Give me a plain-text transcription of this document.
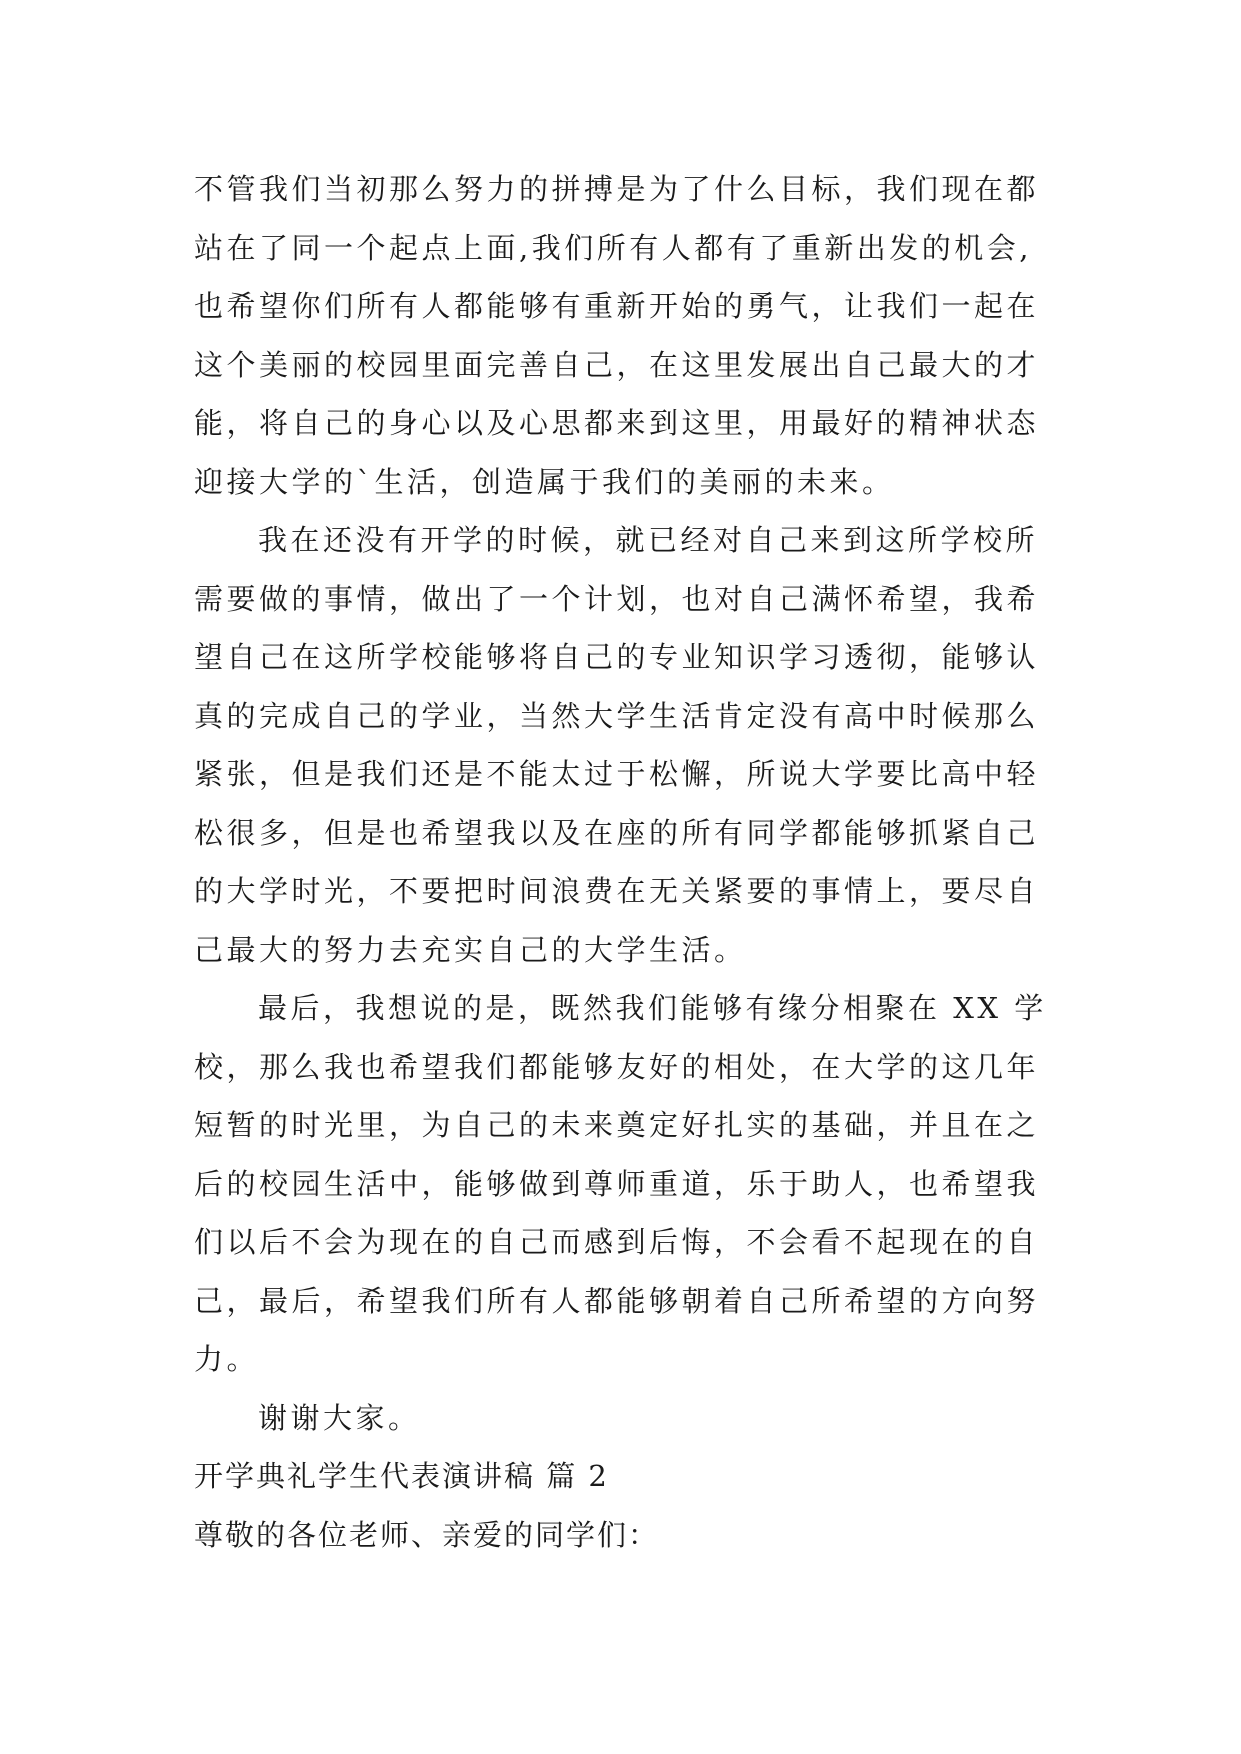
不管我们当初那么努力的拼搏是为了什么目标，我们现在都
站在了同一个起点上面,我们所有人都有了重新出发的机会,
也希望你们所有人都能够有重新开始的勇气，让我们一起在
这个美丽的校园里面完善自己，在这里发展出自己最大的才
能，将自己的身心以及心思都来到这里，用最好的精神状态
迎接大学的`生活，创造属于我们的美丽的未来。
我在还没有开学的时候，就已经对自己来到这所学校所
需要做的事情，做出了一个计划，也对自己满怀希望，我希
望自己在这所学校能够将自己的专业知识学习透彻，能够认
真的完成自己的学业，当然大学生活肯定没有高中时候那么
紧张，但是我们还是不能太过于松懈，所说大学要比高中轻
松很多，但是也希望我以及在座的所有同学都能够抓紧自己
的大学时光，不要把时间浪费在无关紧要的事情上，要尽自
己最大的努力去充实自己的大学生活。
最后，我想说的是，既然我们能够有缘分相聚在 XX 学
校，那么我也希望我们都能够友好的相处，在大学的这几年
短暂的时光里，为自己的未来奠定好扎实的基础，并且在之
后的校园生活中，能够做到尊师重道，乐于助人，也希望我
们以后不会为现在的自己而感到后悔，不会看不起现在的自
己，最后，希望我们所有人都能够朝着自己所希望的方向努
力。
谢谢大家。
开学典礼学生代表演讲稿 篇 2
尊敬的各位老师、亲爱的同学们：
